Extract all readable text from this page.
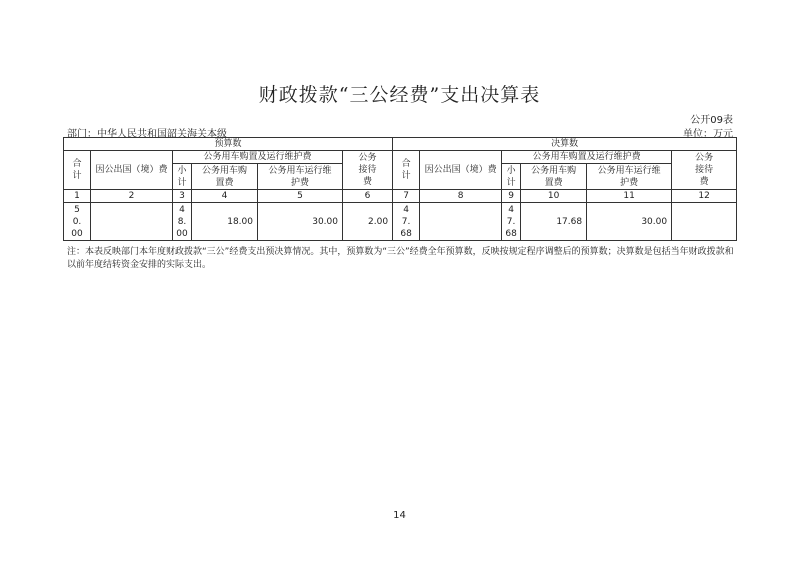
财政拨款“三公经费”支出决算表
公开09表
部门：中华人民共和国韶关海关本级	单位：万元
预算数						决算数					

合计	因公出国（境）费	公务用车购置及运行维护费			公务接待费	合计	因公出国（境）费	公务用车购置及运行维护费			公务接待费

		小计	公务用车购置费	公务用车运行维护费				小计	公务用车购置费	公务用车运行维护费	

1	2	3	4	5	6	7	8	9	10	11	12

50.00		48.00	18.00	30.00	2.00	47.68		47.68	17.68	30.00	
注：本表反映部门本年度财政拨款“三公”经费支出预决算情况。其中，预算数为“三公”经费全年预算数，反映按规定程序调整后的预算数；决算数是包括当年财政拨款和以前年度结转资金安排的实际支出。
14
